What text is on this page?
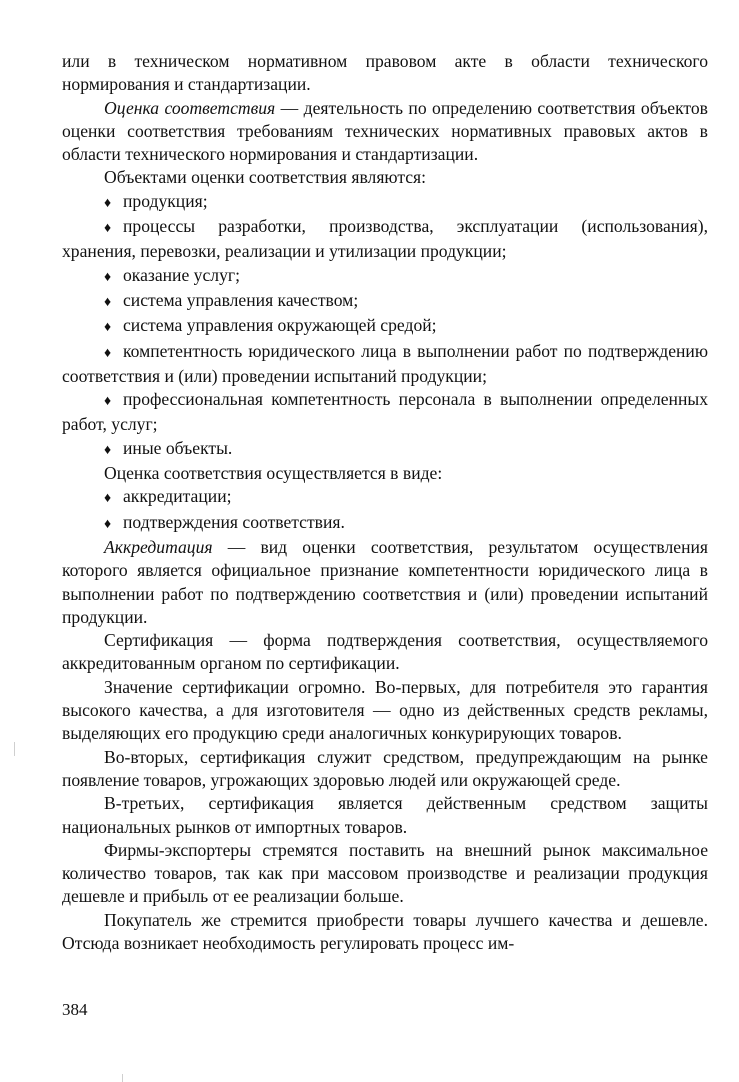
или в техническом нормативном правовом акте в области технического нормирования и стандартизации.

Оценка соответствия — деятельность по определению соответствия объектов оценки соответствия требованиям технических нормативных правовых актов в области технического нормирования и стандартизации.

Объектами оценки соответствия являются:

♦ продукция;

♦ процессы разработки, производства, эксплуатации (использования), хранения, перевозки, реализации и утилизации продукции;

♦ оказание услуг;

♦ система управления качеством;

♦ система управления окружающей средой;

♦ компетентность юридического лица в выполнении работ по подтверждению соответствия и (или) проведении испытаний продукции;

♦ профессиональная компетентность персонала в выполнении определенных работ, услуг;

♦ иные объекты.

Оценка соответствия осуществляется в виде:

♦ аккредитации;

♦ подтверждения соответствия.

Аккредитация — вид оценки соответствия, результатом осуществления которого является официальное признание компетентности юридического лица в выполнении работ по подтверждению соответствия и (или) проведении испытаний продукции.

Сертификация — форма подтверждения соответствия, осуществляемого аккредитованным органом по сертификации.

Значение сертификации огромно. Во-первых, для потребителя это гарантия высокого качества, а для изготовителя — одно из действенных средств рекламы, выделяющих его продукцию среди аналогичных конкурирующих товаров.

Во-вторых, сертификация служит средством, предупреждающим на рынке появление товаров, угрожающих здоровью людей или окружающей среде.

В-третьих, сертификация является действенным средством защиты национальных рынков от импортных товаров.

Фирмы-экспортеры стремятся поставить на внешний рынок максимальное количество товаров, так как при массовом производстве и реализации продукция дешевле и прибыль от ее реализации больше.

Покупатель же стремится приобрести товары лучшего качества и дешевле. Отсюда возникает необходимость регулировать процесс им-

384
